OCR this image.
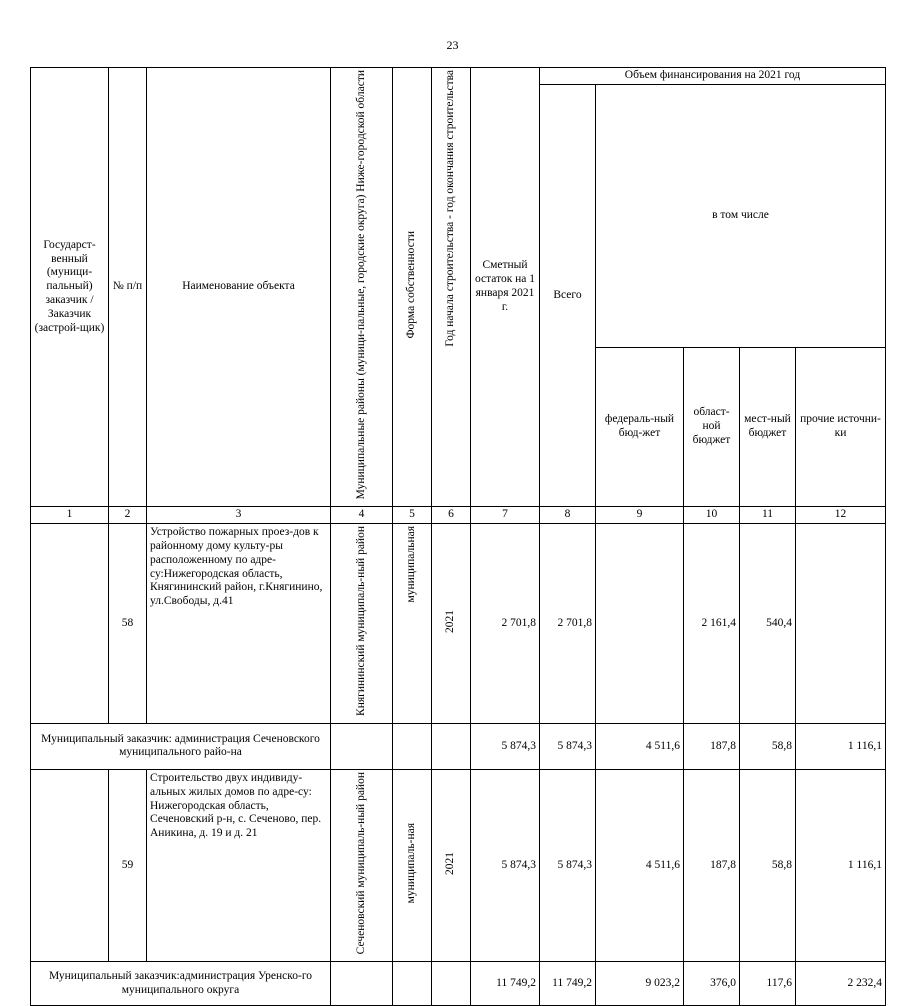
23
Государст-венный (муници-пальный) заказчик / Заказчик (застрой-щик)	№ п/п	Наименование объекта	Муниципальные районы (муници-пальные, городские округа) Ниже-городской области	Форма собственности	Год начала строительства - год окончания строительства	Сметный остаток на 1 января 2021 г.	Объем финансирования на 2021 год				
							Всего	в том числе			
								федераль-ный бюд-жет	област-ной бюджет	мест-ный бюджет	прочие источни-ки
1	2	3	4	5	6	7	8	9	10	11	12
	58	Устройство пожарных проез-дов к районному дому культу-ры расположенному по адре-су:Нижегородская область, Княгининский район, г.Княгинино, ул.Свободы, д.41	Княгининский муниципаль-ный район	муниципальная	2021	2 701,8	2 701,8		2 161,4	540,4	
Муниципальный заказчик: администрация Сеченовского муниципального райо-на						5 874,3	5 874,3	4 511,6	187,8	58,8	1 116,1
	59	Строительство двух индивиду-альных жилых домов по адре-су: Нижегородская область, Сеченовский р-н, с. Сеченово, пер. Аникина, д. 19 и д. 21	Сеченовский муниципаль-ный район	муниципаль-ная	2021	5 874,3	5 874,3	4 511,6	187,8	58,8	1 116,1
Муниципальный заказчик:администрация Уренско-го муниципального округа						11 749,2	11 749,2	9 023,2	376,0	117,6	2 232,4
